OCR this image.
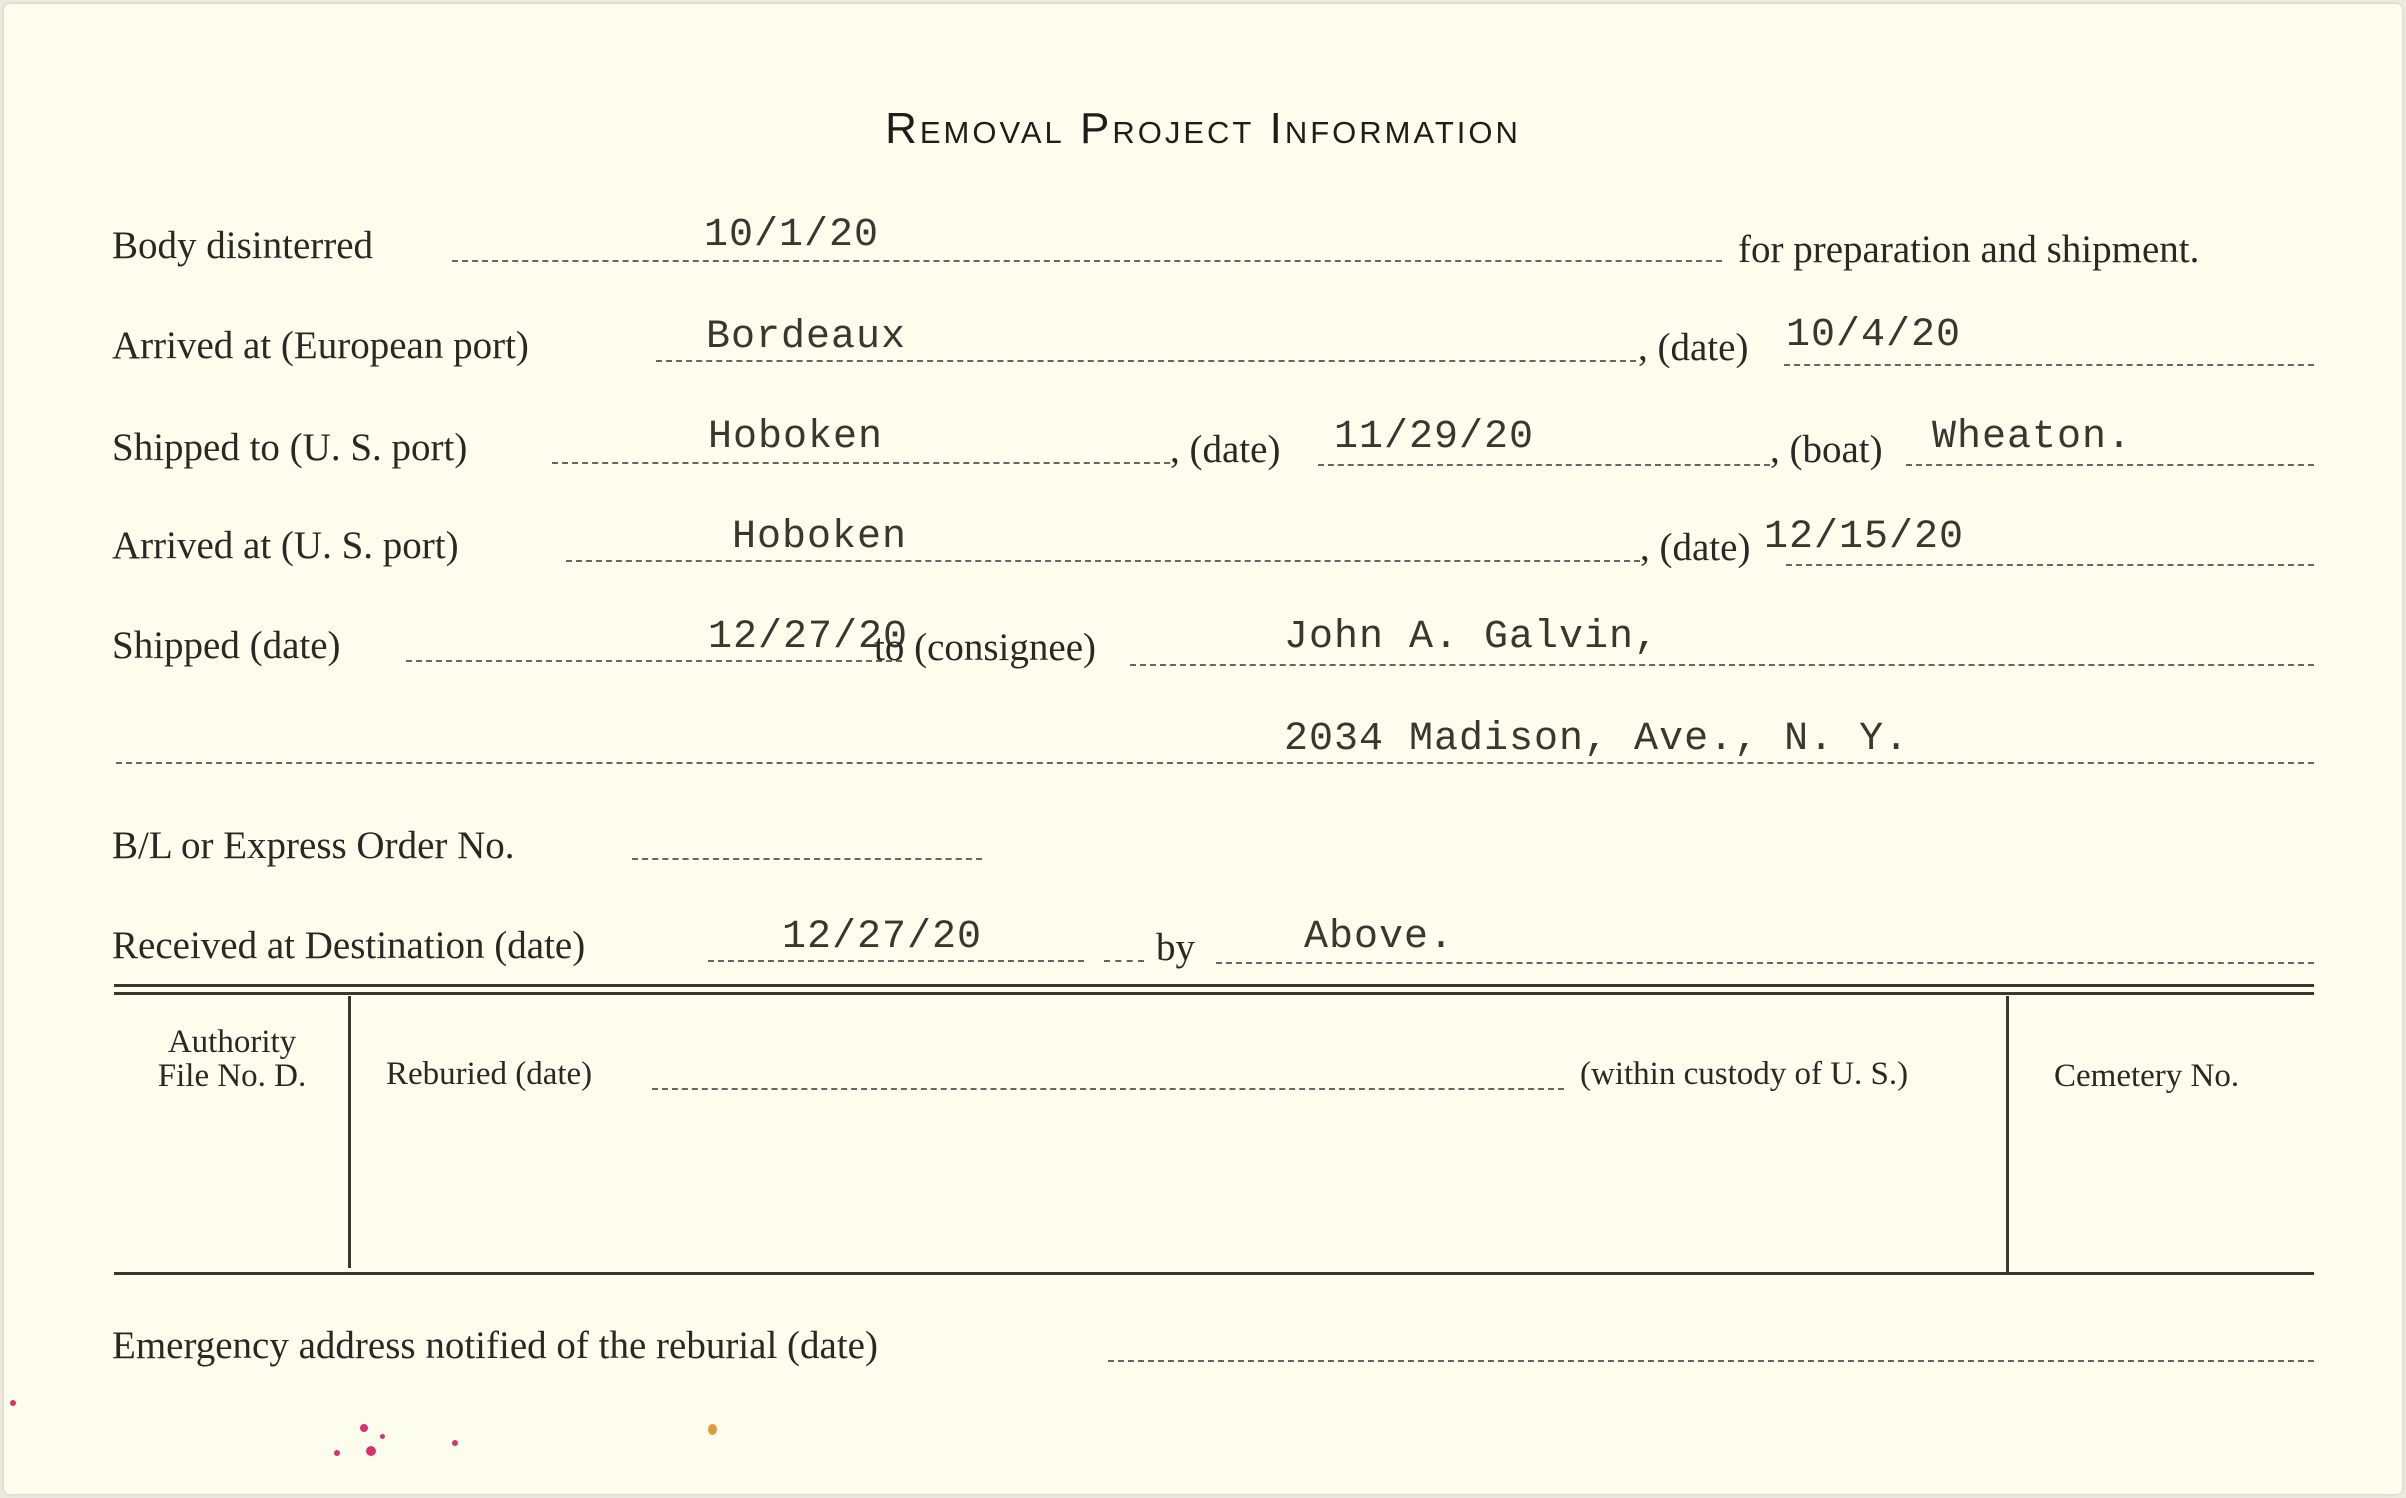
Removal Project Information
Body disinterred	10/1/20	for preparation and shipment.
Arrived at (European port)	Bordeaux	, (date) 10/4/20
Shipped to (U. S. port)	Hoboken	, (date) 11/29/20	, (boat) Wheaton.
Arrived at (U. S. port)	Hoboken	, (date) 12/15/20
Shipped (date)	12/27/20
to (consignee)	John A. Galvin,
2034 Madison, Ave., N. Y.
B/L or Express Order No.
Received at Destination (date)	12/27/20	by	Above.
Authority
File No. D.	Reburied (date)	(within custody of U. S.)	Cemetery No.
Emergency address notified of the reburial (date)
